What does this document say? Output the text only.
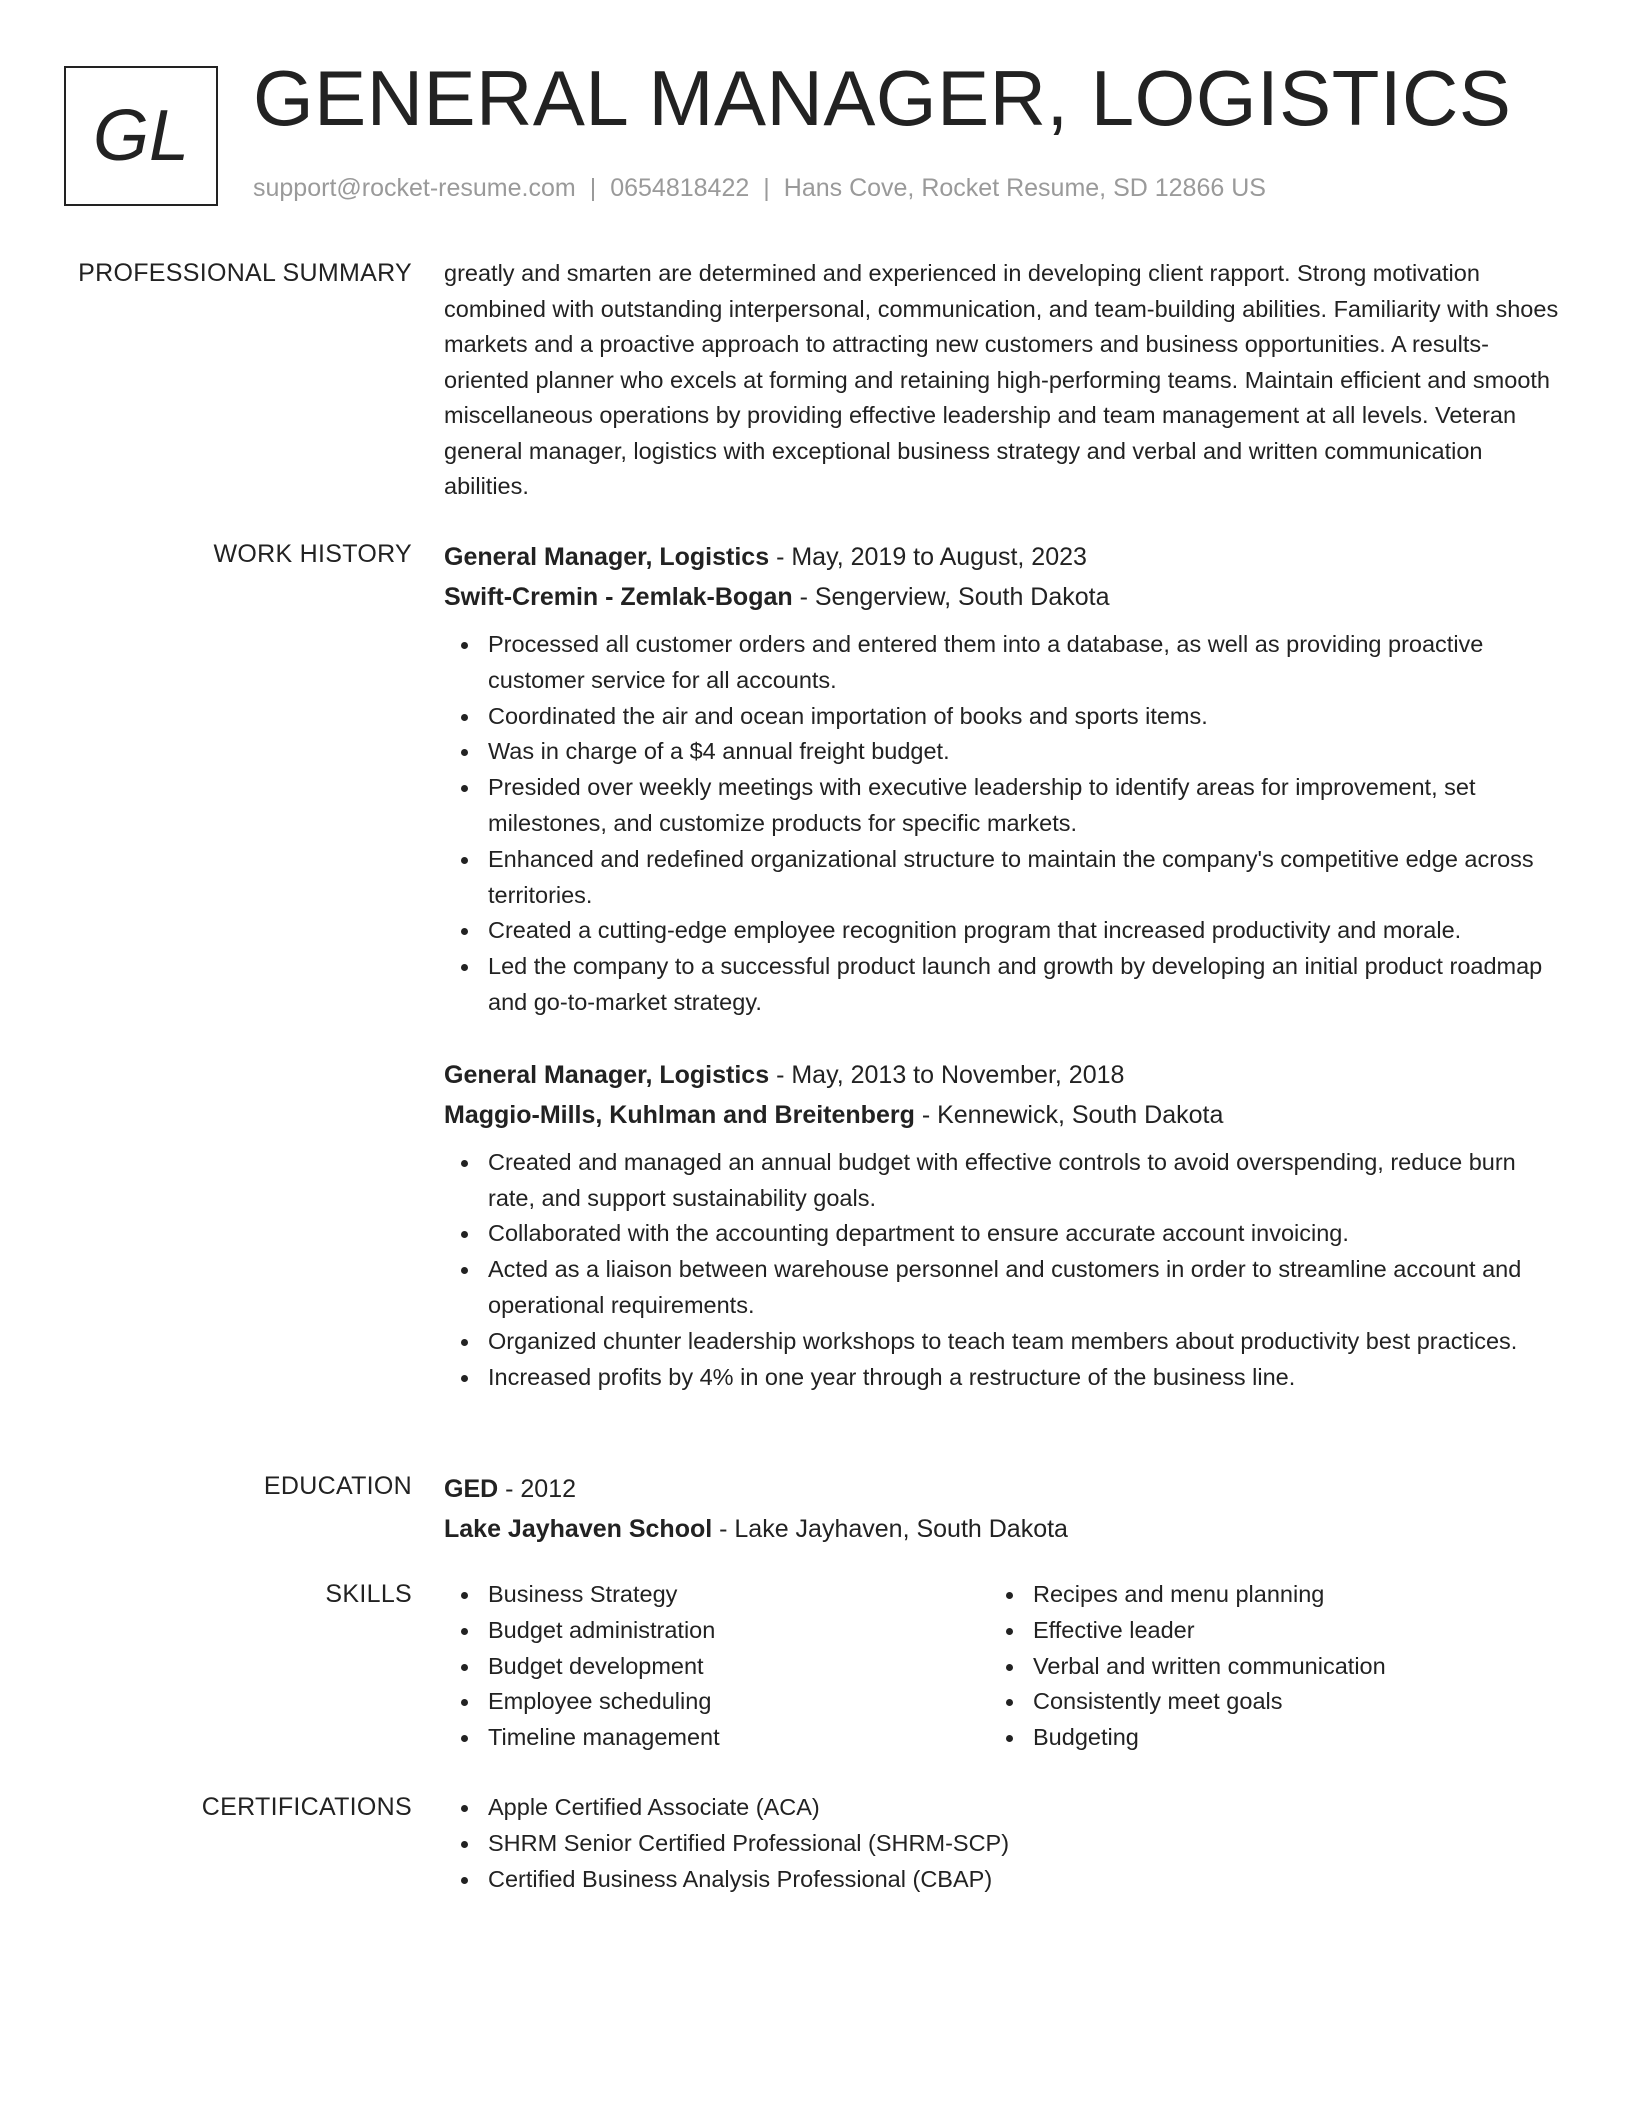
GL GENERAL MANAGER, LOGISTICS
support@rocket-resume.com | 0654818422 | Hans Cove, Rocket Resume, SD 12866 US
PROFESSIONAL SUMMARY greatly and smarten are determined and experienced in developing client rapport. Strong motivation combined with outstanding interpersonal, communication, and team-building abilities. Familiarity with shoes markets and a proactive approach to attracting new customers and business opportunities. A results-oriented planner who excels at forming and retaining high-performing teams. Maintain efficient and smooth miscellaneous operations by providing effective leadership and team management at all levels. Veteran general manager, logistics with exceptional business strategy and verbal and written communication abilities.

WORK HISTORY General Manager, Logistics - May, 2019 to August, 2023
Swift-Cremin - Zemlak-Bogan - Sengerview, South Dakota
Processed all customer orders and entered them into a database, as well as providing proactive customer service for all accounts.
Coordinated the air and ocean importation of books and sports items.
Was in charge of a $4 annual freight budget.
Presided over weekly meetings with executive leadership to identify areas for improvement, set milestones, and customize products for specific markets.
Enhanced and redefined organizational structure to maintain the company's competitive edge across territories.
Created a cutting-edge employee recognition program that increased productivity and morale.
Led the company to a successful product launch and growth by developing an initial product roadmap and go-to-market strategy.
General Manager, Logistics - May, 2013 to November, 2018
Maggio-Mills, Kuhlman and Breitenberg - Kennewick, South Dakota
Created and managed an annual budget with effective controls to avoid overspending, reduce burn rate, and support sustainability goals.
Collaborated with the accounting department to ensure accurate account invoicing.
Acted as a liaison between warehouse personnel and customers in order to streamline account and operational requirements.
Organized chunter leadership workshops to teach team members about productivity best practices.
Increased profits by 4% in one year through a restructure of the business line.
EDUCATION GED - 2012
Lake Jayhaven School - Lake Jayhaven, South Dakota
SKILLS	Business Strategy
Budget administration
Budget development
Employee scheduling
Timeline management
Recipes and menu planning
Effective leader
Verbal and written communication
Consistently meet goals
Budgeting
CERTIFICATIONS	Apple Certified Associate (ACA)
SHRM Senior Certified Professional (SHRM-SCP)
Certified Business Analysis Professional (CBAP)
